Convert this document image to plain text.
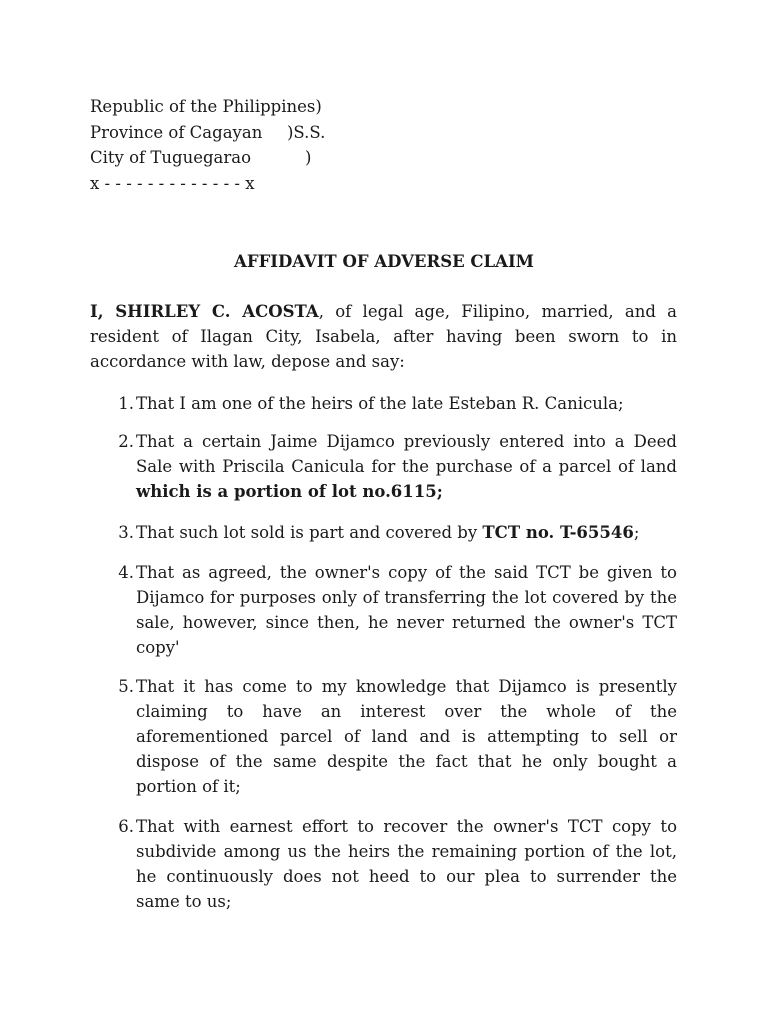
Republic of the Philippines)
Province of Cagayan )S.S.
City of Tuguegarao	)
x - - - - - - - - - - - - - x
AFFIDAVIT OF ADVERSE CLAIM
I, SHIRLEY C. ACOSTA, of legal age, Filipino, married, and a resident of Ilagan City, Isabela, after having been sworn to in accordance with law, depose and say:
1. That I am one of the heirs of the late Esteban R. Canicula;
2. That a certain Jaime Dijamco previously entered into a Deed Sale with Priscila Canicula for the purchase of a parcel of land which is a portion of lot no.6115;
3. That such lot sold is part and covered by TCT no. T-65546;
4. That as agreed, the owner's copy of the said TCT be given to Dijamco for purposes only of transferring the lot covered by the sale, however, since then, he never returned the owner's TCT copy'
5. That it has come to my knowledge that Dijamco is presently claiming to have an interest over the whole of the aforementioned parcel of land and is attempting to sell or dispose of the same despite the fact that he only bought a portion of it;
6. That with earnest effort to recover the owner's TCT copy to subdivide among us the heirs the remaining portion of the lot, he continuously does not heed to our plea to surrender the same to us;
